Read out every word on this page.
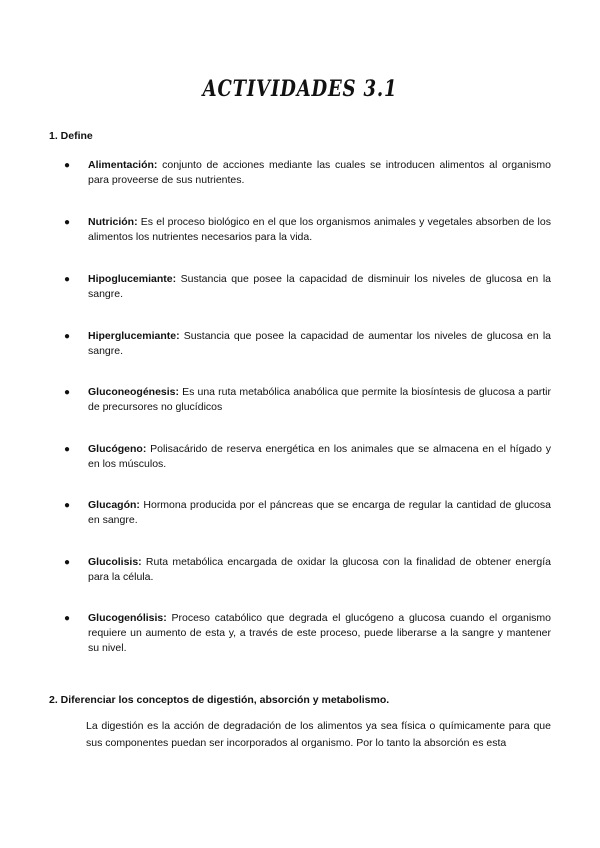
ACTIVIDADES 3.1
1. Define
● Alimentación: conjunto de acciones mediante las cuales se introducen alimentos al organismo para proveerse de sus nutrientes.
● Nutrición: Es el proceso biológico en el que los organismos animales y vegetales absorben de los alimentos los nutrientes necesarios para la vida.
● Hipoglucemiante: Sustancia que posee la capacidad de disminuir los niveles de glucosa en la sangre.
● Hiperglucemiante: Sustancia que posee la capacidad de aumentar los niveles de glucosa en la sangre.
● Gluconeogénesis: Es una ruta metabólica anabólica que permite la biosíntesis de glucosa a partir de precursores no glucídicos
● Glucógeno: Polisacárido de reserva energética en los animales que se almacena en el hígado y en los músculos.
● Glucagón: Hormona producida por el páncreas que se encarga de regular la cantidad de glucosa en sangre.
● Glucolisis: Ruta metabólica encargada de oxidar la glucosa con la finalidad de obtener energía para la célula.
● Glucogenólisis: Proceso catabólico que degrada el glucógeno a glucosa cuando el organismo requiere un aumento de esta y, a través de este proceso, puede liberarse a la sangre y mantener su nivel.
2. Diferenciar los conceptos de digestión, absorción y metabolismo.

La digestión es la acción de degradación de los alimentos ya sea física o químicamente para que sus componentes puedan ser incorporados al organismo. Por lo tanto la absorción es esta
